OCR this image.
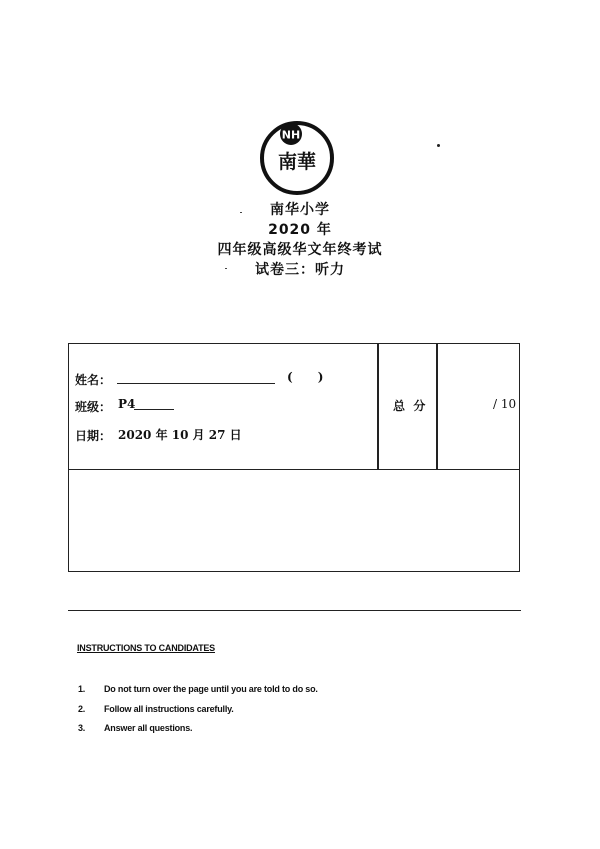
NH
南華
南华小学
2020 年
四年级高级华文年终考试
试卷三：听力
姓名：	(      )
班级： P4
日期： 2020 年 10 月 27 日
总  分	/ 10
INSTRUCTIONS TO CANDIDATES
1. Do not turn over the page until you are told to do so.
2. Follow all instructions carefully.
3. Answer all questions.
